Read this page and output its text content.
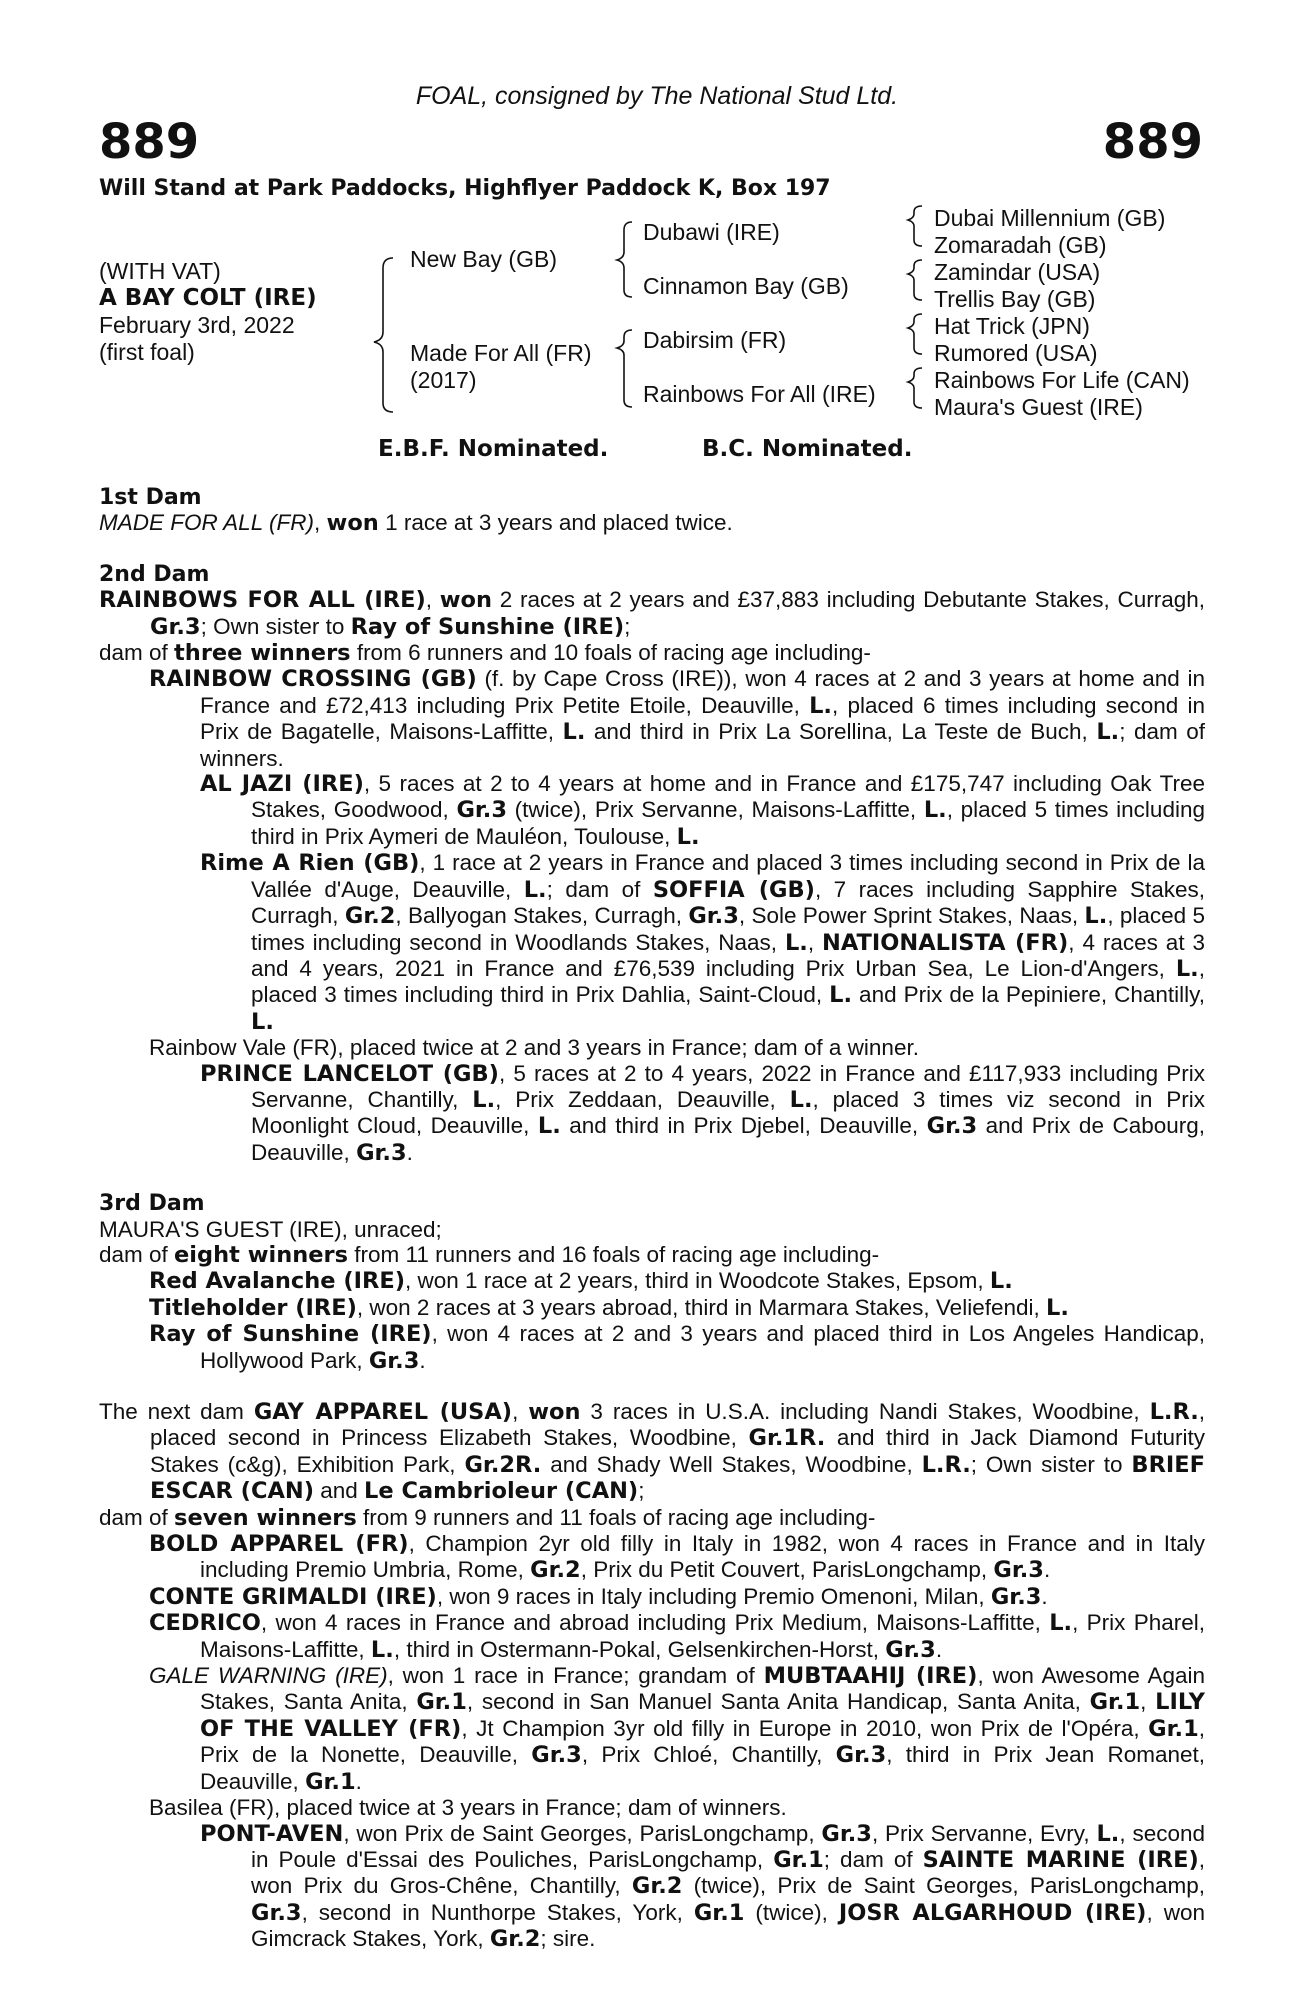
FOAL, consigned by The National Stud Ltd.
889	889
Will Stand at Park Paddocks, Highflyer Paddock K, Box 197
(WITH VAT)
A BAY COLT (IRE)
February 3rd, 2022
(first foal)
New Bay (GB)
Made For All (FR)
(2017)
Dubawi (IRE)
Cinnamon Bay (GB)
Dabirsim (FR)
Rainbows For All (IRE)
Dubai Millennium (GB)
Zomaradah (GB)
Zamindar (USA)
Trellis Bay (GB)
Hat Trick (JPN)
Rumored (USA)
Rainbows For Life (CAN)
Maura's Guest (IRE)
E.B.F. Nominated.	B.C. Nominated.

1st Dam

MADE FOR ALL (FR), won 1 race at 3 years and placed twice.

2nd Dam

RAINBOWS FOR ALL (IRE), won 2 races at 2 years and £37,883 including Debutante Stakes, Curragh, Gr.3; Own sister to Ray of Sunshine (IRE);

dam of three winners from 6 runners and 10 foals of racing age including-

RAINBOW CROSSING (GB) (f. by Cape Cross (IRE)), won 4 races at 2 and 3 years at home and in France and £72,413 including Prix Petite Etoile, Deauville, L., placed 6 times including second in Prix de Bagatelle, Maisons-Laffitte, L. and third in Prix La Sorellina, La Teste de Buch, L.; dam of winners.

AL JAZI (IRE), 5 races at 2 to 4 years at home and in France and £175,747 including Oak Tree Stakes, Goodwood, Gr.3 (twice), Prix Servanne, Maisons-Laffitte, L., placed 5 times including third in Prix Aymeri de Mauléon, Toulouse, L.

Rime A Rien (GB), 1 race at 2 years in France and placed 3 times including second in Prix de la Vallée d'Auge, Deauville, L.; dam of SOFFIA (GB), 7 races including Sapphire Stakes, Curragh, Gr.2, Ballyogan Stakes, Curragh, Gr.3, Sole Power Sprint Stakes, Naas, L., placed 5 times including second in Woodlands Stakes, Naas, L., NATIONALISTA (FR), 4 races at 3 and 4 years, 2021 in France and £76,539 including Prix Urban Sea, Le Lion-d'Angers, L., placed 3 times including third in Prix Dahlia, Saint-Cloud, L. and Prix de la Pepiniere, Chantilly, L.

Rainbow Vale (FR), placed twice at 2 and 3 years in France; dam of a winner.

PRINCE LANCELOT (GB), 5 races at 2 to 4 years, 2022 in France and £117,933 including Prix Servanne, Chantilly, L., Prix Zeddaan, Deauville, L., placed 3 times viz second in Prix Moonlight Cloud, Deauville, L. and third in Prix Djebel, Deauville, Gr.3 and Prix de Cabourg, Deauville, Gr.3.

3rd Dam

MAURA'S GUEST (IRE), unraced;

dam of eight winners from 11 runners and 16 foals of racing age including-

Red Avalanche (IRE), won 1 race at 2 years, third in Woodcote Stakes, Epsom, L.

Titleholder (IRE), won 2 races at 3 years abroad, third in Marmara Stakes, Veliefendi, L.

Ray of Sunshine (IRE), won 4 races at 2 and 3 years and placed third in Los Angeles Handicap, Hollywood Park, Gr.3.

The next dam GAY APPAREL (USA), won 3 races in U.S.A. including Nandi Stakes, Woodbine, L.R., placed second in Princess Elizabeth Stakes, Woodbine, Gr.1R. and third in Jack Diamond Futurity Stakes (c&g), Exhibition Park, Gr.2R. and Shady Well Stakes, Woodbine, L.R.; Own sister to BRIEF ESCAR (CAN) and Le Cambrioleur (CAN);

dam of seven winners from 9 runners and 11 foals of racing age including-

BOLD APPAREL (FR), Champion 2yr old filly in Italy in 1982, won 4 races in France and in Italy including Premio Umbria, Rome, Gr.2, Prix du Petit Couvert, ParisLongchamp, Gr.3.

CONTE GRIMALDI (IRE), won 9 races in Italy including Premio Omenoni, Milan, Gr.3.

CEDRICO, won 4 races in France and abroad including Prix Medium, Maisons-Laffitte, L., Prix Pharel, Maisons-Laffitte, L., third in Ostermann-Pokal, Gelsenkirchen-Horst, Gr.3.

GALE WARNING (IRE), won 1 race in France; grandam of MUBTAAHIJ (IRE), won Awesome Again Stakes, Santa Anita, Gr.1, second in San Manuel Santa Anita Handicap, Santa Anita, Gr.1, LILY OF THE VALLEY (FR), Jt Champion 3yr old filly in Europe in 2010, won Prix de l'Opéra, Gr.1, Prix de la Nonette, Deauville, Gr.3, Prix Chloé, Chantilly, Gr.3, third in Prix Jean Romanet, Deauville, Gr.1.

Basilea (FR), placed twice at 3 years in France; dam of winners.

PONT-AVEN, won Prix de Saint Georges, ParisLongchamp, Gr.3, Prix Servanne, Evry, L., second in Poule d'Essai des Pouliches, ParisLongchamp, Gr.1; dam of SAINTE MARINE (IRE), won Prix du Gros-Chêne, Chantilly, Gr.2 (twice), Prix de Saint Georges, ParisLongchamp, Gr.3, second in Nunthorpe Stakes, York, Gr.1 (twice), JOSR ALGARHOUD (IRE), won Gimcrack Stakes, York, Gr.2; sire.
